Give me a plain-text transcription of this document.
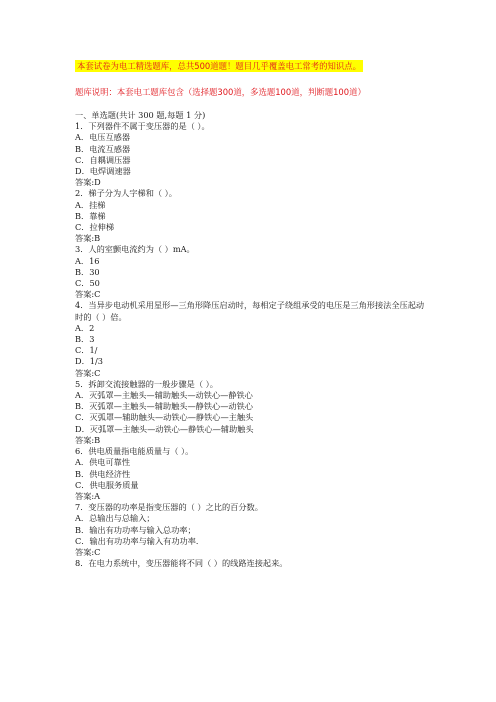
本套试卷为电工精选题库，总共500道题！题目几乎覆盖电工常考的知识点。
题库说明：本套电工题库包含（选择题300道，多选题100道，判断题100道）
一、单选题(共计 300 题,每题 1 分)
1．下列器件不属于变压器的是（ ）。
A．电压互感器
B．电流互感器
C．自耦调压器
D．电焊调速器
答案:D
2．梯子分为人字梯和（ ）。
A．挂梯
B．靠梯
C．拉伸梯
答案:B
3．人的室颤电流约为（ ）mA。
A．16
B．30
C．50
答案:C
4．当异步电动机采用星形—三角形降压启动时，每相定子绕组承受的电压是三角形接法全压起动时的（ ）倍。
A．2
B．3
C．1/
D．1/3
答案:C
5．拆卸交流接触器的一般步骤是（ ）。
A．灭弧罩—主触头—辅助触头—动铁心—静铁心
B．灭弧罩—主触头—辅助触头—静铁心—动铁心
C．灭弧罩—辅助触头—动铁心—静铁心—主触头
D．灭弧罩—主触头—动铁心—静铁心—辅助触头
答案:B
6．供电质量指电能质量与（ ）。
A．供电可靠性
B．供电经济性
C．供电服务质量
答案:A
7．变压器的功率是指变压器的（ ）之比的百分数。
A．总输出与总输入；
B．输出有功功率与输入总功率；
C．输出有功功率与输入有功功率．
答案:C
8．在电力系统中，变压器能将不同（ ）的线路连接起来。
